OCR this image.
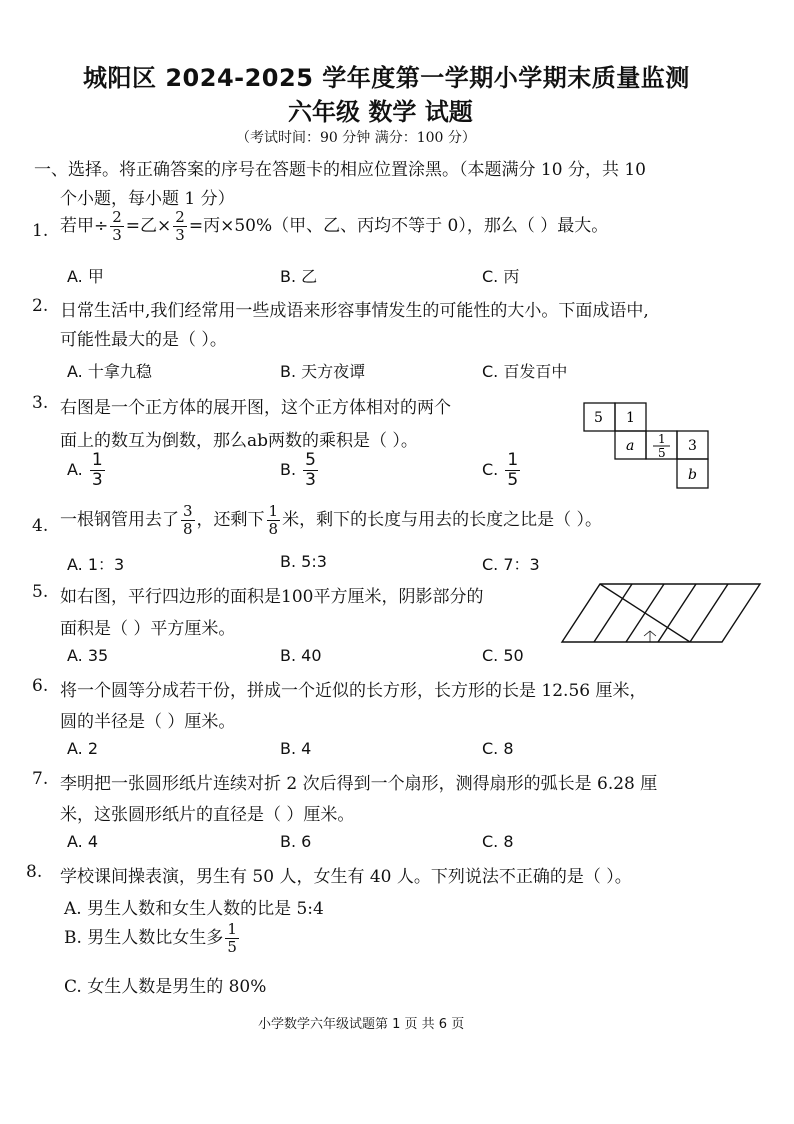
城阳区 2024-2025 学年度第一学期小学期末质量监测
六年级 数学 试题
（考试时间：90 分钟 满分：100 分）
一、选择。将正确答案的序号在答题卡的相应位置涂黑。（本题满分 10 分，共 10
个小题，每小题 1 分）
1. 若甲÷ $\frac{2}{3}$ =乙× $\frac{2}{3}$ =丙×50%（甲、乙、丙均不等于 0），那么（ ）最大。
A. 甲	B. 乙	C. 丙
2. 日常生活中,我们经常用一些成语来形容事情发生的可能性的大小。下面成语中,
可能性最大的是（ ）。
A. 十拿九稳	B. 天方夜谭	C. 百发百中
3. 右图是一个正方体的展开图，这个正方体相对的两个
面上的数互为倒数，那么ab两数的乘积是（ ）。
A. $\frac{1}{3}$	B. $\frac{5}{3}$	C. $\frac{1}{5}$
5 1
a 1
5 3
b
4. 一根钢管用去了 $\frac{3}{8}$ ，还剩下 $\frac{1}{8}$ 米，剩下的长度与用去的长度之比是（ ）。
A. 1：3	B. 5:3	C. 7：3
5. 如右图，平行四边形的面积是100平方厘米，阴影部分的
面积是（ ）平方厘米。
A. 35	B. 40	C. 50
6. 将一个圆等分成若干份，拼成一个近似的长方形，长方形的长是 12.56 厘米，
圆的半径是（ ）厘米。
A. 2	B. 4	C. 8
7. 李明把一张圆形纸片连续对折 2 次后得到一个扇形，测得扇形的弧长是 6.28 厘
米，这张圆形纸片的直径是（ ）厘米。
A. 4	B. 6	C. 8
8. 学校课间操表演，男生有 50 人，女生有 40 人。下列说法不正确的是（ ）。
A. 男生人数和女生人数的比是 5:4
B. 男生人数比女生多 $\frac{1}{5}$
C. 女生人数是男生的 80%
小学数学六年级试题第 1 页 共 6 页
